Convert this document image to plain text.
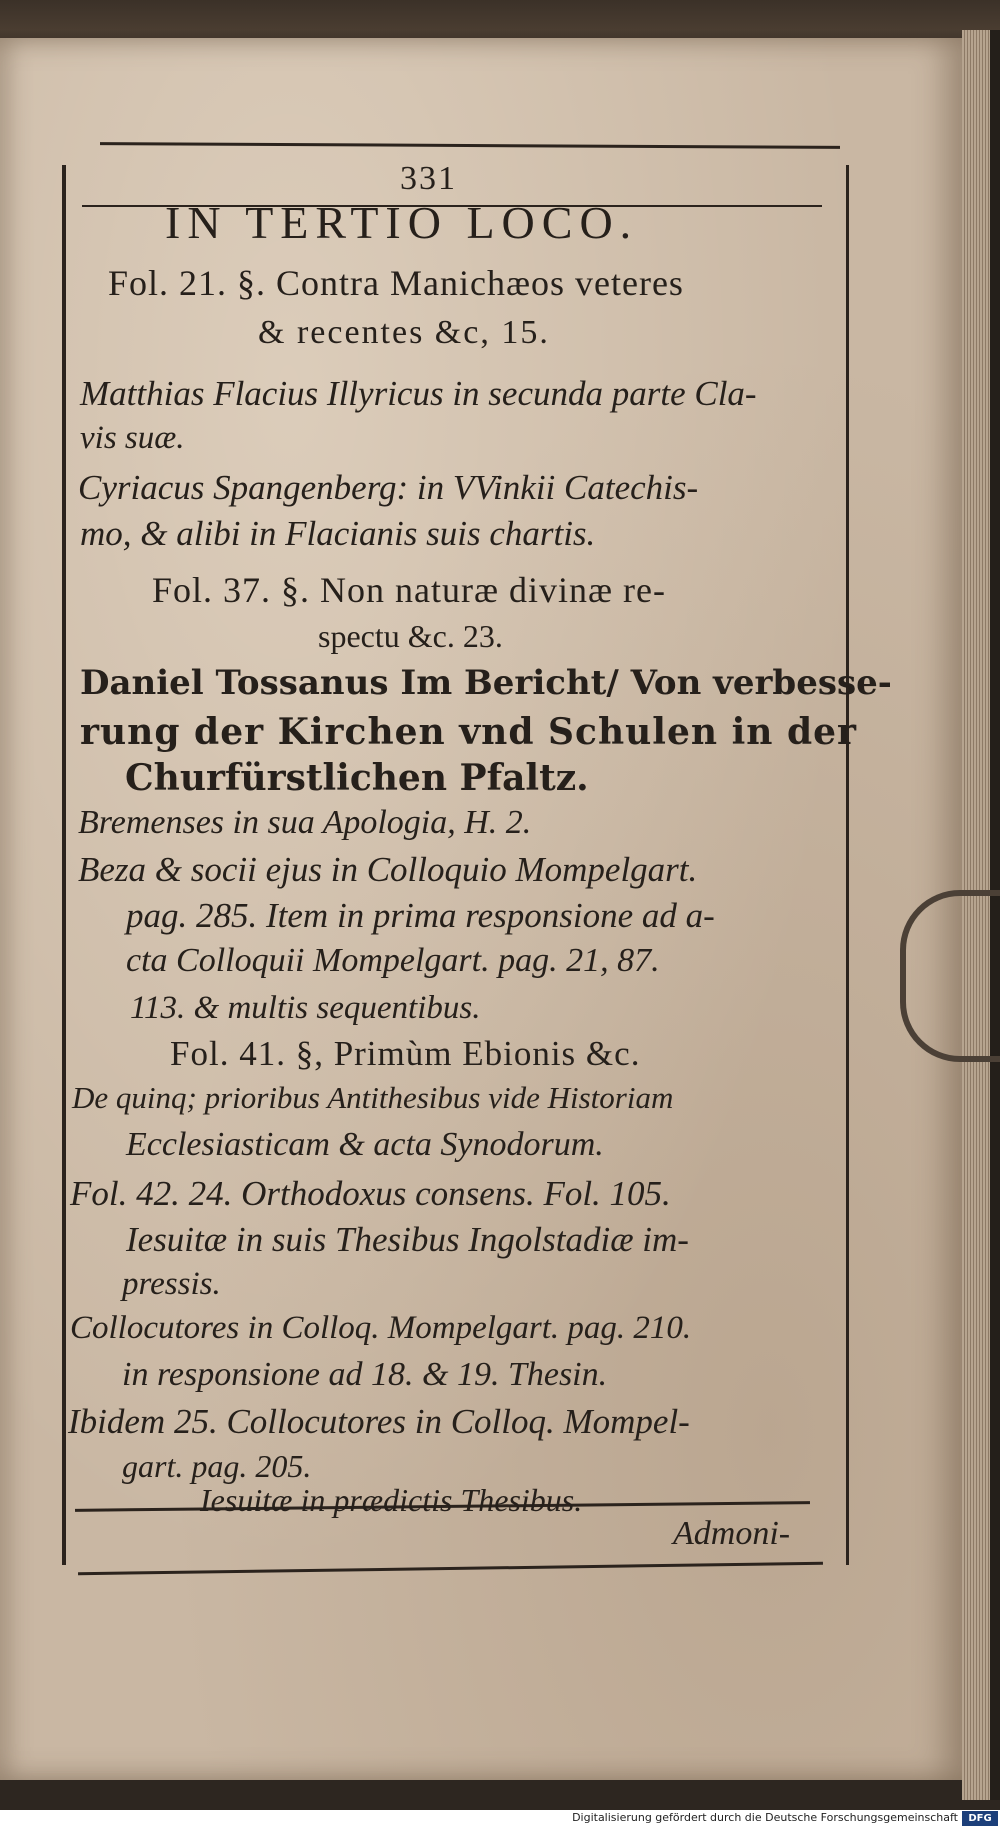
331
IN TERTIO LOCO.
Fol. 21. §. Contra Manichæos veteres
& recentes &c, 15.
Matthias Flacius Illyricus in secunda parte Cla-
vis suæ.
Cyriacus Spangenberg: in VVinkii Catechis-
mo, & alibi in Flacianis suis chartis.
Fol. 37. §. Non naturæ divinæ re-
spectu &c. 23.
Daniel Tossanus Im Bericht/ Von verbesse-
rung der Kirchen vnd Schulen in der
Churfürstlichen Pfaltz.
Bremenses in sua Apologia, H. 2.
Beza & socii ejus in Colloquio Mompelgart.
pag. 285. Item in prima responsione ad a-
cta Colloquii Mompelgart. pag. 21, 87.
113. & multis sequentibus.
Fol. 41. §, Primùm Ebionis &c.
De quinq; prioribus Antithesibus vide Historiam
Ecclesiasticam & acta Synodorum.
Fol. 42. 24. Orthodoxus consens. Fol. 105.
Iesuitæ in suis Thesibus Ingolstadiæ im-
pressis.
Collocutores in Colloq. Mompelgart. pag. 210.
in responsione ad 18. & 19. Thesin.
Ibidem 25. Collocutores in Colloq. Mompel-
gart. pag. 205.
Iesuitæ in prædictis Thesibus.
Admoni-
Digitalisierung gefördert durch die Deutsche Forschungsgemeinschaft	DFG
